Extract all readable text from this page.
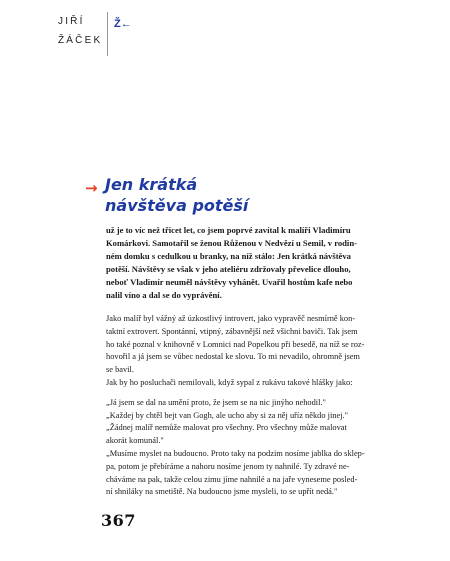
JIŘÍ
ŽÁČEK
Ž←
→ Jen krátká
návštěva potěší
už je to víc než třicet let, co jsem poprvé zavítal k malíři Vladimíru
Komárkovi. Samotařil se ženou Růženou v Nedvězí u Semil, v rodin-
ném domku s cedulkou u branky, na níž stálo: Jen krátká návštěva
potěší. Návštěvy se však v jeho ateliéru zdržovaly převelice dlouho,
neboť Vladimír neuměl návštěvy vyhánět. Uvařil hostům kafe nebo
nalil víno a dal se do vyprávění.
Jako malíř byl vážný až úzkostlivý introvert, jako vypravěč nesmírně kon-
taktní extrovert. Spontánní, vtipný, zábavnější než všichni baviči. Tak jsem
ho také poznal v knihovně v Lomnici nad Popelkou při besedě, na níž se roz-
hovořil a já jsem se vůbec nedostal ke slovu. To mi nevadilo, ohromně jsem
se bavil.
Jak by ho posluchači nemilovali, když sypal z rukávu takové hlášky jako:
„Já jsem se dal na umění proto, že jsem se na nic jinýho nehodil."
„Každej by chtěl bejt van Gogh, ale ucho aby si za něj uříz někdo jinej."
„Žádnej malíř nemůže malovat pro všechny. Pro všechny může malovat
akorát komunál."
„Musíme myslet na budoucno. Proto taky na podzim nosíme jablka do sklep-
pa, potom je přebíráme a nahoru nosíme jenom ty nahnilé. Ty zdravé ne-
cháváme na pak, takže celou zimu jíme nahnilé a na jaře vyneseme posled-
ní shniláky na smetiště. Na budoucno jsme mysleli, to se upřít nedá."
367
